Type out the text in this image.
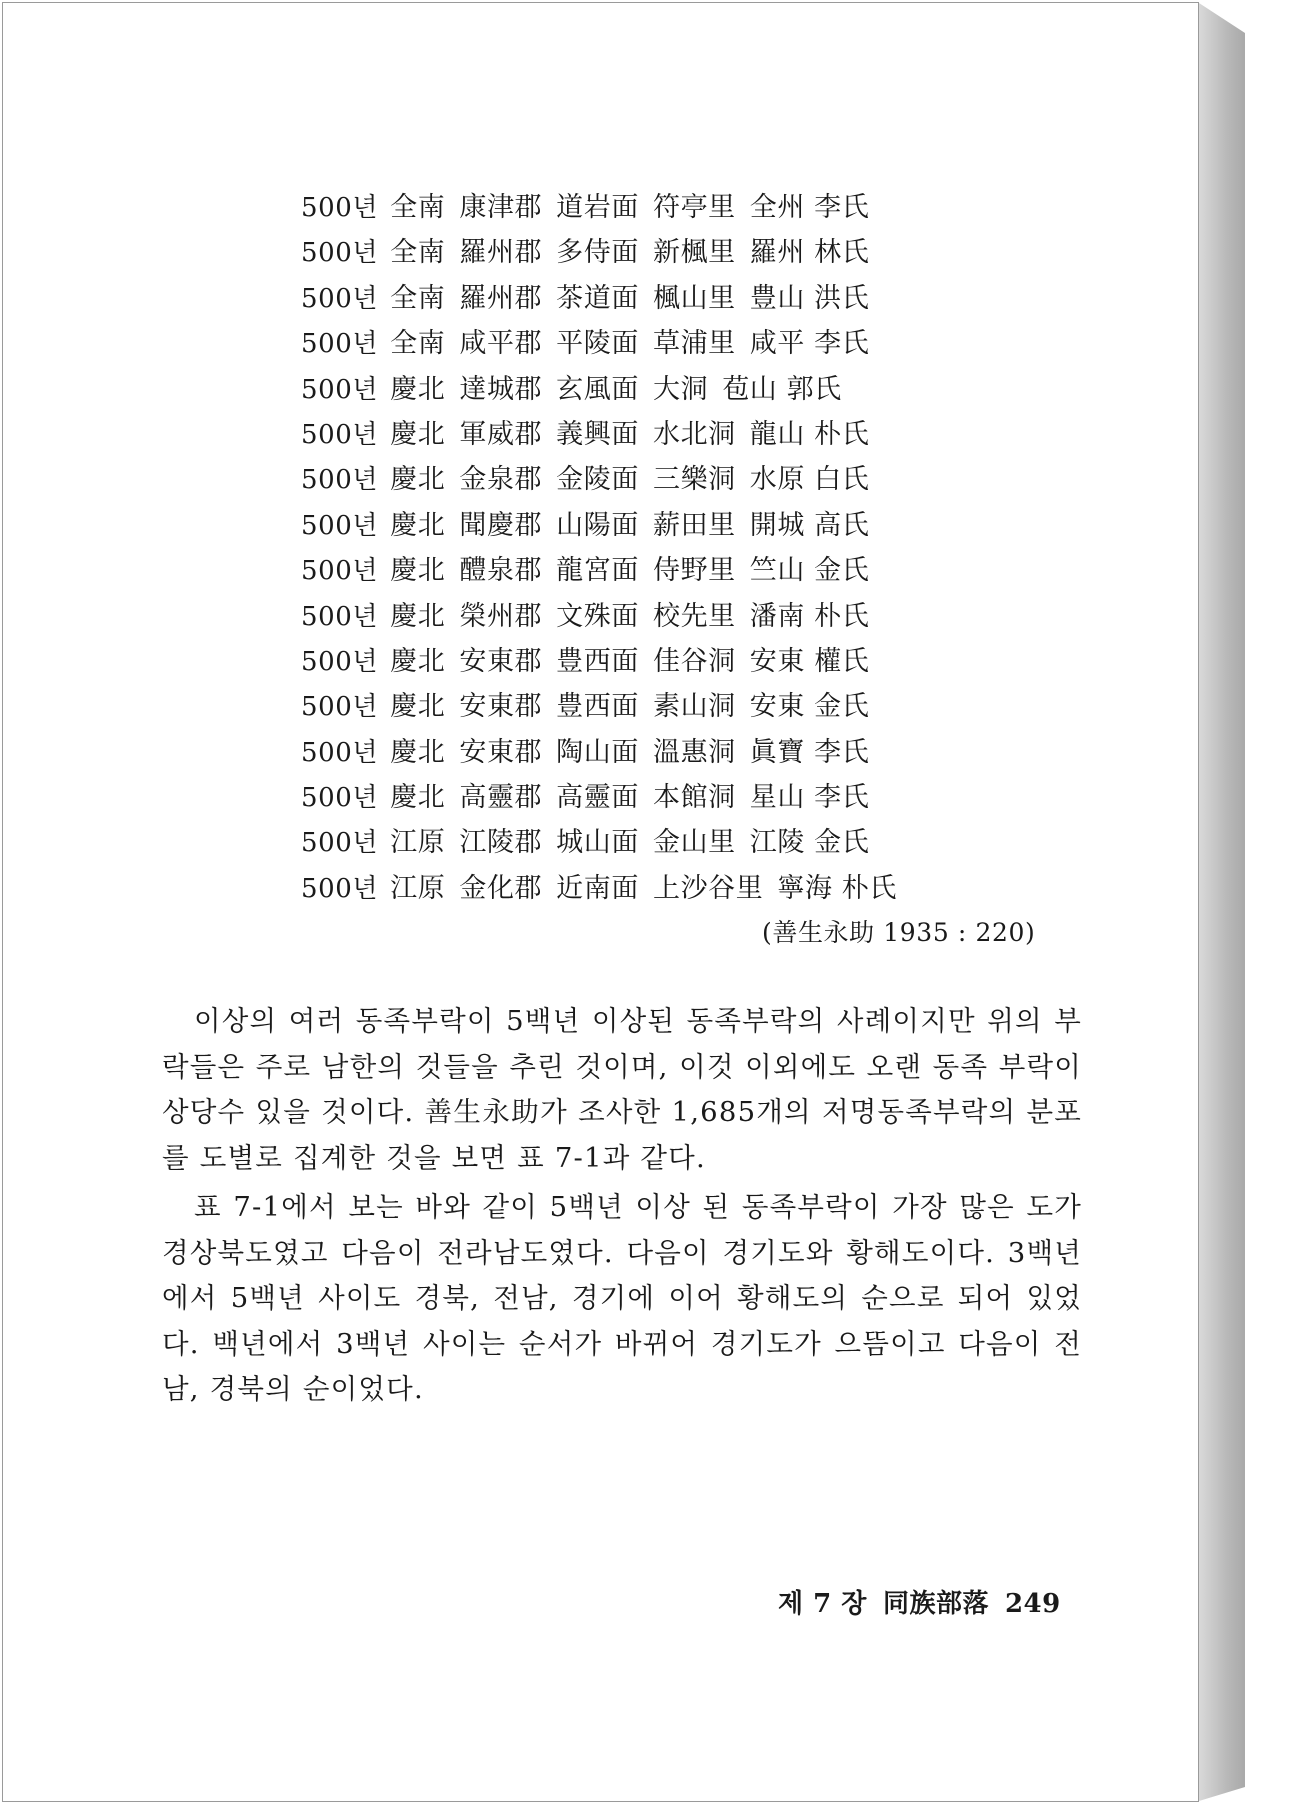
500년 全南 康津郡 道岩面 符亭里 全州 李氏
500년 全南 羅州郡 多侍面 新楓里 羅州 林氏
500년 全南 羅州郡 茶道面 楓山里 豊山 洪氏
500년 全南 咸平郡 平陵面 草浦里 咸平 李氏
500년 慶北 達城郡 玄風面 大洞 苞山 郭氏
500년 慶北 軍威郡 義興面 水北洞 龍山 朴氏
500년 慶北 金泉郡 金陵面 三樂洞 水原 白氏
500년 慶北 聞慶郡 山陽面 薪田里 開城 高氏
500년 慶北 醴泉郡 龍宮面 侍野里 竺山 金氏
500년 慶北 榮州郡 文殊面 校先里 潘南 朴氏
500년 慶北 安東郡 豊西面 佳谷洞 安東 權氏
500년 慶北 安東郡 豊西面 素山洞 安東 金氏
500년 慶北 安東郡 陶山面 溫惠洞 眞寶 李氏
500년 慶北 高靈郡 高靈面 本館洞 星山 李氏
500년 江原 江陵郡 城山面 金山里 江陵 金氏
500년 江原 金化郡 近南面 上沙谷里 寧海 朴氏
(善生永助 1935 : 220)

이상의 여러 동족부락이 5백년 이상된 동족부락의 사례이지만 위의 부락들은 주로 남한의 것들을 추린 것이며, 이것 이외에도 오랜 동족 부락이 상당수 있을 것이다. 善生永助가 조사한 1,685개의 저명동족부락의 분포를 도별로 집계한 것을 보면 표 7-1과 같다.

표 7-1에서 보는 바와 같이 5백년 이상 된 동족부락이 가장 많은 도가 경상북도였고 다음이 전라남도였다. 다음이 경기도와 황해도이다. 3백년에서 5백년 사이도 경북, 전남, 경기에 이어 황해도의 순으로 되어 있었다. 백년에서 3백년 사이는 순서가 바뀌어 경기도가 으뜸이고 다음이 전남, 경북의 순이었다.

제 7 장 同族部落 249
